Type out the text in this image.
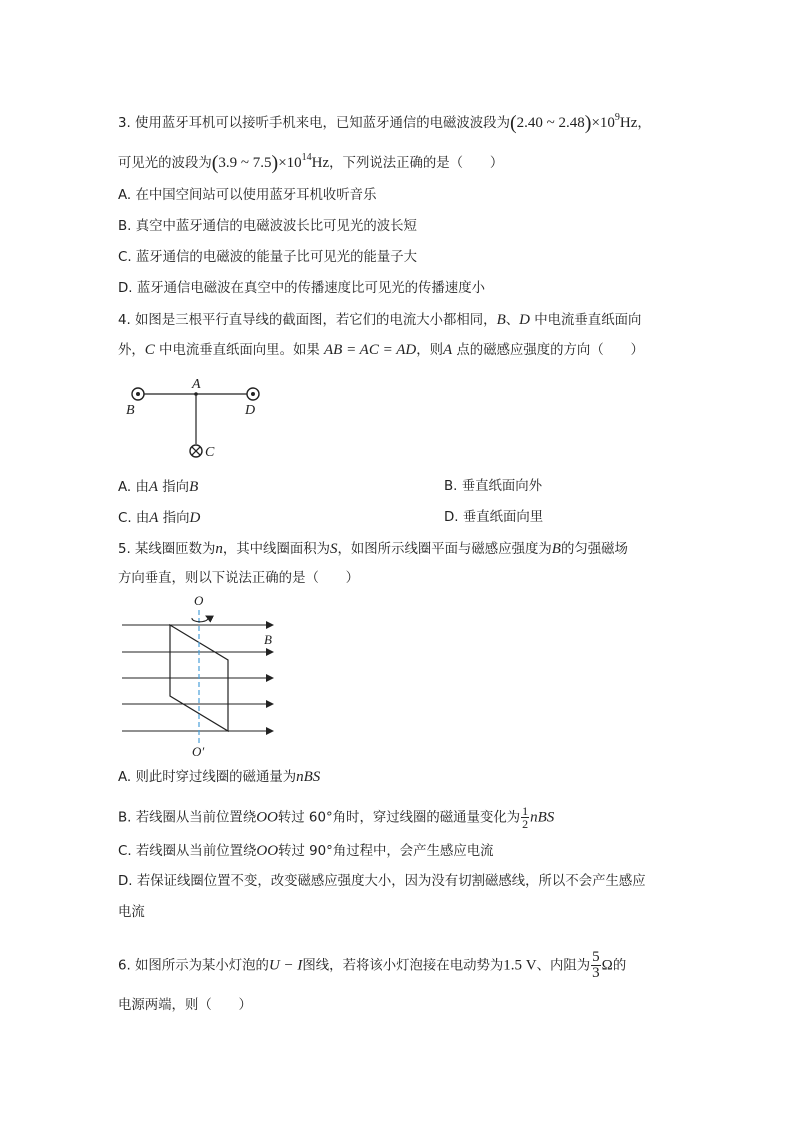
3. 使用蓝牙耳机可以接听手机来电，已知蓝牙通信的电磁波波段为(2.40 ~ $2.48)\times 10^9Hz$，
可见光的波段为(3.9 ~ $7.5)\times 10^{14}Hz$，下列说法正确的是（　　）
A. 在中国空间站可以使用蓝牙耳机收听音乐
B. 真空中蓝牙通信的电磁波波长比可见光的波长短
C. 蓝牙通信的电磁波的能量子比可见光的能量子大
D. 蓝牙通信电磁波在真空中的传播速度比可见光的传播速度小
4. 如图是三根平行直导线的截面图，若它们的电流大小都相同，B、D 中电流垂直纸面向
外，C 中电流垂直纸面向里。如果 AB = AC = AD，则A 点的磁感应强度的方向（　　）
A
B	D
C
A. 由A 指向B	B. 垂直纸面向外
C. 由A 指向D	D. 垂直纸面向里
5. 某线圈匝数为n，其中线圈面积为S，如图所示线圈平面与磁感应强度为B的匀强磁场
方向垂直，则以下说法正确的是（　　）
O
O′
B
A. 则此时穿过线圈的磁通量为nBS
B. 若线圈从当前位置绕OO转过 60°角时，穿过线圈的磁通量变化为 $\frac{1}{2}$ nBS
C. 若线圈从当前位置绕OO转过 90°角过程中，会产生感应电流
D. 若保证线圈位置不变，改变磁感应强度大小，因为没有切割磁感线，所以不会产生感应
电流
6. 如图所示为某小灯泡的U − I图线，若将该小灯泡接在电动势为1.5 V、内阻为 $\frac{5}{3}$ Ω的
电源两端，则（　　）
